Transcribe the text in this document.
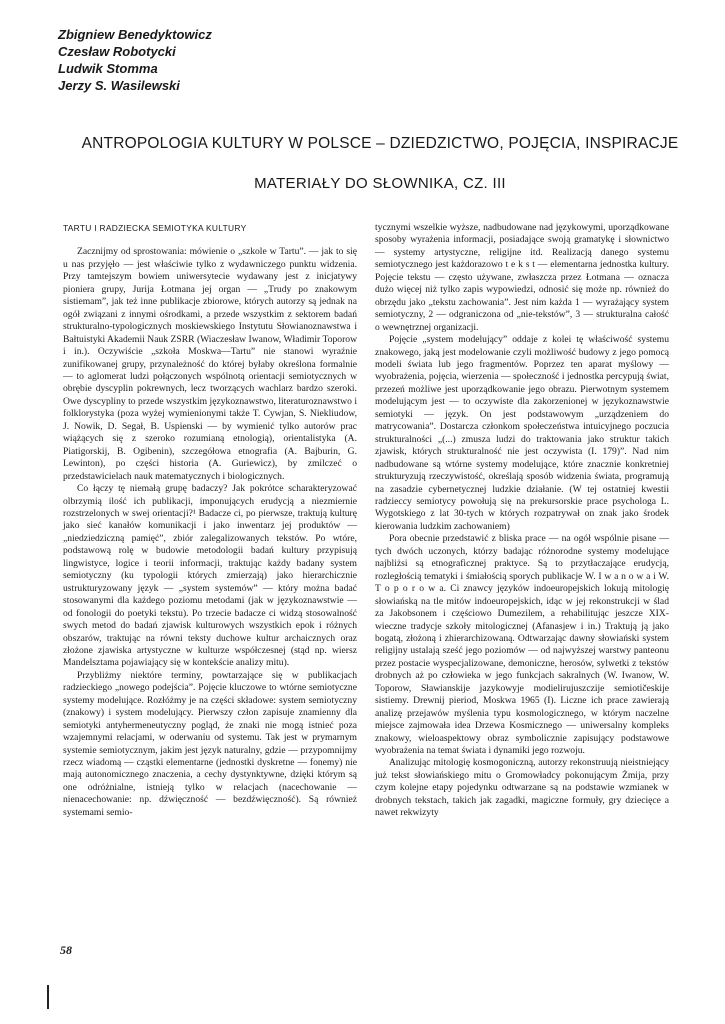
Zbigniew Benedyktowicz
Czesław Robotycki
Ludwik Stomma
Jerzy S. Wasilewski
ANTROPOLOGIA KULTURY W POLSCE – DZIEDZICTWO, POJĘCIA, INSPIRACJE
MATERIAŁY DO SŁOWNIKA, CZ. III
TARTU I RADZIECKA SEMIOTYKA KULTURY

Zacznijmy od sprostowania: mówienie o „szkole w Tartu”. — jak to się u nas przyjęło — jest właściwie tylko z wydawniczego punktu widzenia. Przy tamtejszym bowiem uniwersytecie wydawany jest z inicjatywy pioniera grupy, Jurija Łotmana jej organ — „Trudy po znakowym sistiemam”, jak też inne publikacje zbiorowe, których autorzy są jednak na ogół związani z innymi ośrodkami, a przede wszystkim z sektorem badań strukturalno-typologicznych moskiewskiego Instytutu Słowianoznawstwa i Bałtuistyki Akademii Nauk ZSRR (Wiaczesław Iwanow, Władimir Toporow i in.). Oczywiście „szkoła Moskwa—Tartu” nie stanowi wyraźnie zunifikowanej grupy, przynależność do której byłaby określona formalnie — to aglomerat ludzi połączonych wspólnotą orientacji semiotycznych w obrębie dyscyplin pokrewnych, lecz tworzących wachlarz bardzo szeroki. Owe dyscypliny to przede wszystkim językoznawstwo, literaturoznawstwo i folklorystyka (poza wyżej wymienionymi także T. Cywjan, S. Niekliudow, J. Nowik, D. Segał, B. Uspienski — by wymienić tylko autorów prac wiążących się z szeroko rozumianą etnologią), orientalistyka (A. Piatigorskij, B. Ogibenin), szczegółowa etnografia (A. Bajburin, G. Lewinton), po części historia (A. Guriewicz), by zmilczeć o przedstawicielach nauk matematycznych i biologicznych.

Co łączy tę niemałą grupę badaczy? Jak pokrótce scharakteryzować olbrzymią ilość ich publikacji, imponujących erudycją a niezmiernie rozstrzelonych w swej orientacji?¹ Badacze ci, po pierwsze, traktują kulturę jako sieć kanałów komunikacji i jako inwentarz jej produktów — „niedziedziczną pamięć”, zbiór zalegalizowanych tekstów. Po wtóre, podstawową rolę w budowie metodologii badań kultury przypisują lingwistyce, logice i teorii informacji, traktując każdy badany system semiotyczny (ku typologii których zmierzają) jako hierarchicznie ustrukturyzowany język — „system systemów” — który można badać stosowanymi dla każdego poziomu metodami (jak w językoznawstwie — od fonologii do poetyki tekstu). Po trzecie badacze ci widzą stosowalność swych metod do badań zjawisk kulturowych wszystkich epok i różnych obszarów, traktując na równi teksty duchowe kultur archaicznych oraz złożone zjawiska artystyczne w kulturze współczesnej (stąd np. wiersz Mandelsztama pojawiający się w kontekście analizy mitu).

Przybliżmy niektóre terminy, powtarzające się w publikacjach radzieckiego „nowego podejścia”. Pojęcie kluczowe to wtórne semiotyczne systemy modelujące. Rozłóżmy je na części składowe: system semiotyczny (znakowy) i system modelujący. Pierwszy człon zapisuje znamienny dla semiotyki antyhermeneutyczny pogląd, że znaki nie mogą istnieć poza wzajemnymi relacjami, w oderwaniu od systemu. Tak jest w prymarnym systemie semiotycznym, jakim jest język naturalny, gdzie — przypomnijmy rzecz wiadomą — cząstki elementarne (jednostki dyskretne — fonemy) nie mają autonomicznego znaczenia, a cechy dystynktywne, dzięki którym są one odróżnialne, istnieją tylko w relacjach (nacechowanie — nienacechowanie: np. dźwięczność — bezdźwięczność). Są również systemami semio-

tycznymi wszelkie wyższe, nadbudowane nad językowymi, uporządkowane sposoby wyrażenia informacji, posiadające swoją gramatykę i słownictwo — systemy artystyczne, religijne itd. Realizacją danego systemu semiotycznego jest każdorazowo t e k s t — elementarna jednostka kultury. Pojęcie tekstu — często używane, zwłaszcza przez Łotmana — oznacza dużo więcej niż tylko zapis wypowiedzi, odnosić się może np. również do obrzędu jako „tekstu zachowania”. Jest nim każda 1 — wyrażający system semiotyczny, 2 — odgraniczona od „nie-tekstów”, 3 — strukturalna całość o wewnętrznej organizacji.

Pojęcie „system modelujący” oddaje z kolei tę właściwość systemu znakowego, jaką jest modelowanie czyli możliwość budowy z jego pomocą modeli świata lub jego fragmentów. Poprzez ten aparat myślowy — wyobrażenia, pojęcia, wierzenia — społeczność i jednostka percypują świat, przezeń możliwe jest uporządkowanie jego obrazu. Pierwotnym systemem modelującym jest — to oczywiste dla zakorzenionej w językoznawstwie semiotyki — język. On jest podstawowym „urządzeniem do matrycowania”. Dostarcza członkom społeczeństwa intuicyjnego poczucia strukturalności „(...) zmusza ludzi do traktowania jako struktur takich zjawisk, których strukturalność nie jest oczywista (I. 179)”. Nad nim nadbudowane są wtórne systemy modelujące, które znacznie konkretniej strukturyzują rzeczywistość, określają sposób widzenia świata, programują na zasadzie cybernetycznej ludzkie działanie. (W tej ostatniej kwestii radzieccy semiotycy powołują się na prekursorskie prace psychologa L. Wygotskiego z lat 30-tych w których rozpatrywał on znak jako środek kierowania ludzkim zachowaniem)

Pora obecnie przedstawić z bliska prace — na ogół wspólnie pisane — tych dwóch uczonych, którzy badając różnorodne systemy modelujące najbliżsi są etnograficznej praktyce. Są to przytłaczające erudycją, rozległością tematyki i śmiałością sporych publikacje W. I w a n o w a i W. T o p o r o w a. Ci znawcy języków indoeuropejskich lokują mitologię słowiańską na tle mitów indoeuropejskich, idąc w jej rekonstrukcji w ślad za Jakobsonem i częściowo Dumezilem, a rehabilitując jeszcze XIX-wieczne tradycje szkoły mitologicznej (Afanasjew i in.) Traktują ją jako bogatą, złożoną i zhierarchizowaną. Odtwarzając dawny słowiański system religijny ustalają sześć jego poziomów — od najwyższej warstwy panteonu przez postacie wyspecjalizowane, demoniczne, herosów, sylwetki z tekstów drobnych aż po człowieka w jego funkcjach sakralnych (W. Iwanow, W. Toporow, Sławianskije jazykowyje modielirujuszczije semiotičeskije sistiemy. Drewnij pieriod, Moskwa 1965 (I). Liczne ich prace zawierają analizę przejawów myślenia typu kosmologicznego, w którym naczelne miejsce zajmowała idea Drzewa Kosmicznego — uniwersalny kompleks znakowy, wieloaspektowy obraz symbolicznie zapisujący podstawowe wyobrażenia na temat świata i dynamiki jego rozwoju.

Analizując mitologię kosmogoniczną, autorzy rekonstruują nieistniejący już tekst słowiańskiego mitu o Gromowładcy pokonującym Żmija, przy czym kolejne etapy pojedynku odtwarzane są na podstawie wzmianek w drobnych tekstach, takich jak zagadki, magiczne formuły, gry dziecięce a nawet rekwizyty

58
